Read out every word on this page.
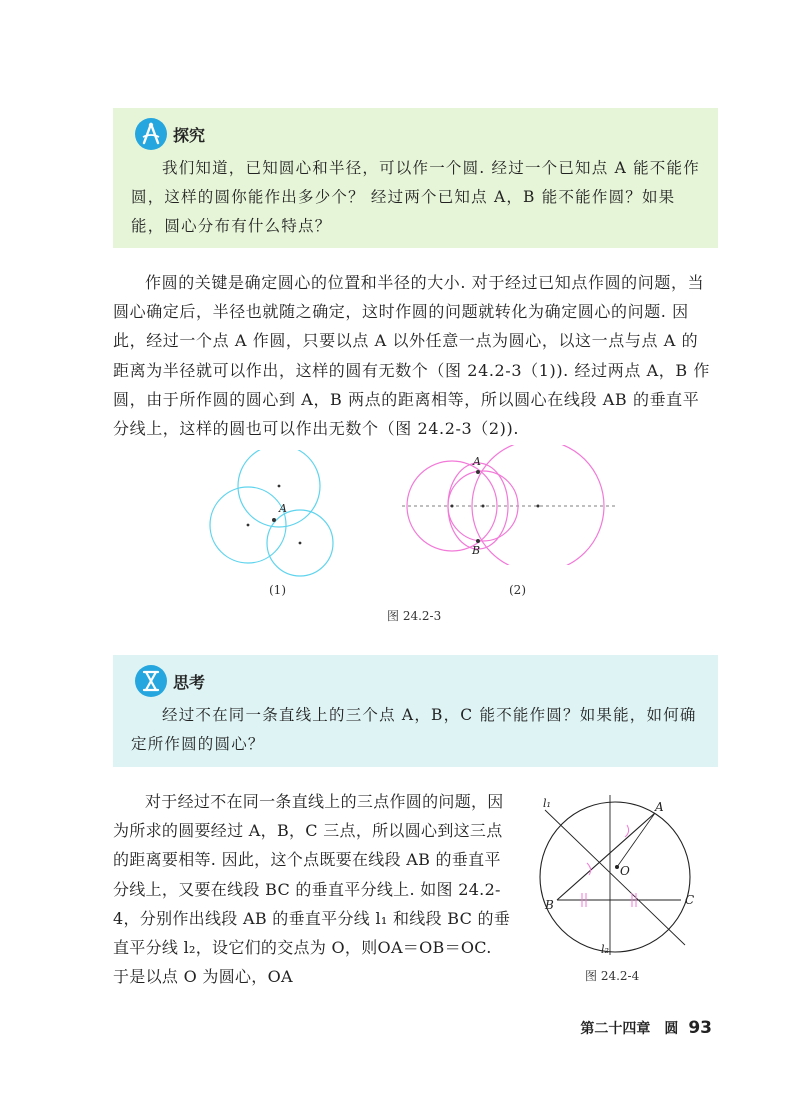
探究
我们知道，已知圆心和半径，可以作一个圆. 经过一个已知点 A 能不能作圆，这样的圆你能作出多少个？ 经过两个已知点 A，B 能不能作圆？如果能，圆心分布有什么特点？

作圆的关键是确定圆心的位置和半径的大小. 对于经过已知点作圆的问题，当圆心确定后，半径也就随之确定，这时作圆的问题就转化为确定圆心的问题. 因此，经过一个点 A 作圆，只要以点 A 以外任意一点为圆心，以这一点与点 A 的距离为半径就可以作出，这样的圆有无数个（图 24.2-3（1)). 经过两点 A，B 作圆，由于所作圆的圆心到 A，B 两点的距离相等，所以圆心在线段 AB 的垂直平分线上，这样的圆也可以作出无数个（图 24.2-3（2)).

A
A
B
(1)	(2)
图 24.2-3
思考
经过不在同一条直线上的三个点 A，B，C 能不能作圆？如果能，如何确定所作圆的圆心？

对于经过不在同一条直线上的三点作圆的问题，因为所求的圆要经过 A，B，C 三点，所以圆心到这三点的距离要相等. 因此，这个点既要在线段 AB 的垂直平分线上，又要在线段 BC 的垂直平分线上. 如图 24.2-4，分别作出线段 AB 的垂直平分线 l₁ 和线段 BC 的垂直平分线 l₂，设它们的交点为 O，则OA＝OB＝OC. 于是以点 O 为圆心，OA

l₁
l₂
A
B	C
O
图 24.2-4
第二十四章　圆 93
